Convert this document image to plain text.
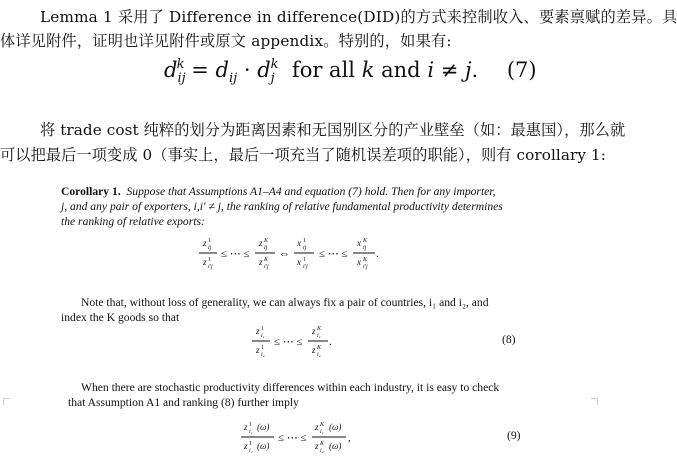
Lemma 1 采用了 Difference in difference(DID)的方式来控制收入、要素禀赋的差异。具
体详见附件，证明也详见附件或原文 appendix。特别的，如果有:
$d_{ij}^k = d_{ij} \cdot d_j^k$ for all k and i ≠ j. (7)
将 trade cost 纯粹的划分为距离因素和无国别区分的产业壁垒（如：最惠国），那么就
可以把最后一项变成 0（事实上，最后一项充当了随机误差项的职能），则有 corollary 1:
Corollary 1. Suppose that Assumptions A1–A4 and equation (7) hold. Then for any importer,
j, and any pair of exporters, i,i′ ≠ j, the ranking of relative fundamental productivity determines
the ranking of relative exports:
z 1
ij
z 1
i′j
≤ ⋯ ≤
z K
ij
z K
i′j
⇔
x 1
ij
x 1
i′j
≤ ⋯ ≤
x K
ij
x K
i′j
.
Note that, without loss of generality, we can always fix a pair of countries, i₁ and i₂, and
index the K goods so that
z 1
i₁
z 1
i₂
≤ ⋯ ≤
z K
i₁
z K
i₂
.	(8)
When there are stochastic productivity differences within each industry, it is easy to check
that Assumption A1 and ranking (8) further imply
z 1
i₁ (ω)
z 1
i₂ (ω)
≤ ⋯ ≤
z K
i₁ (ω)
z K
i₂ (ω)
,	(9)
